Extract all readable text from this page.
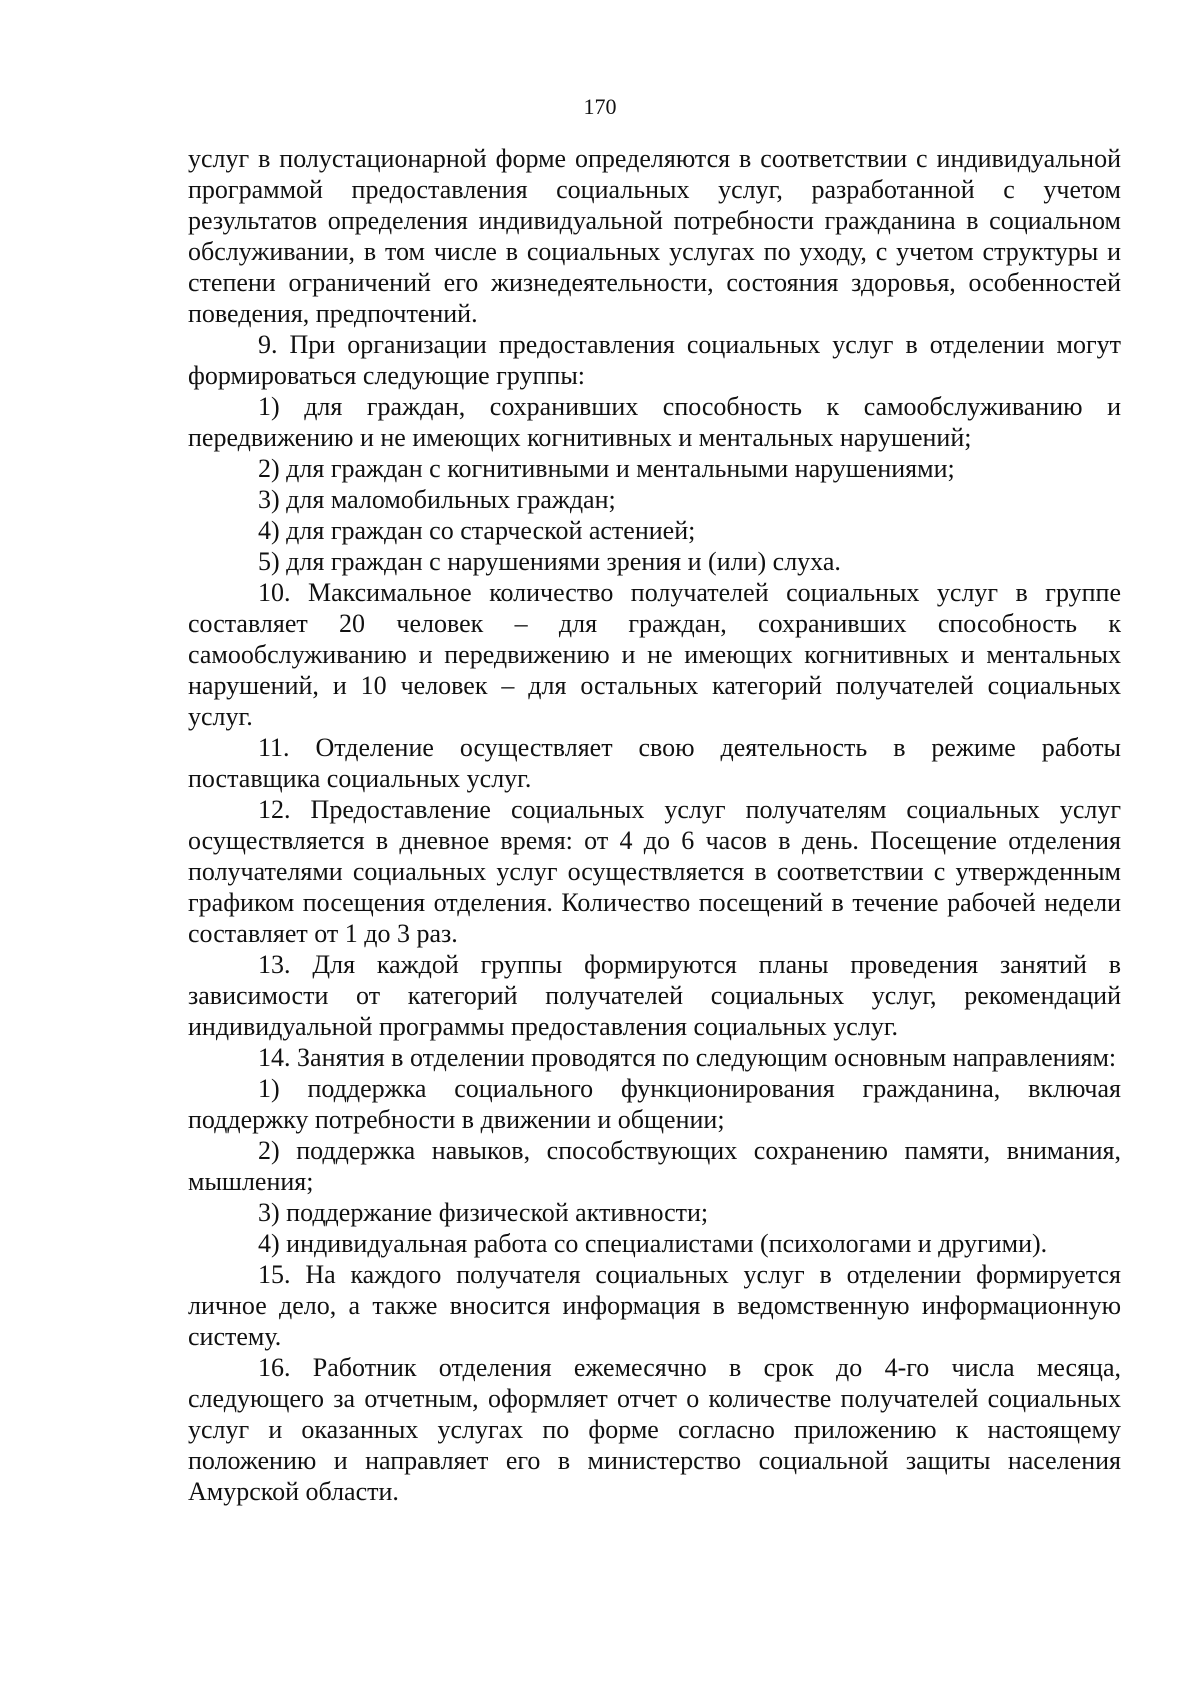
170

услуг в полустационарной форме определяются в соответствии с индивидуальной программой предоставления социальных услуг, разработанной с учетом результатов определения индивидуальной потребности гражданина в социальном обслуживании, в том числе в социальных услугах по уходу, с учетом структуры и степени ограничений его жизнедеятельности, состояния здоровья, особенностей поведения, предпочтений.

9. При организации предоставления социальных услуг в отделении могут формироваться следующие группы:

1) для граждан, сохранивших способность к самообслуживанию и передвижению и не имеющих когнитивных и ментальных нарушений;

2) для граждан с когнитивными и ментальными нарушениями;

3) для маломобильных граждан;

4) для граждан со старческой астенией;

5) для граждан с нарушениями зрения и (или) слуха.

10. Максимальное количество получателей социальных услуг в группе составляет 20 человек – для граждан, сохранивших способность к самообслуживанию и передвижению и не имеющих когнитивных и ментальных нарушений, и 10 человек – для остальных категорий получателей социальных услуг.

11. Отделение осуществляет свою деятельность в режиме работы поставщика социальных услуг.

12. Предоставление социальных услуг получателям социальных услуг осуществляется в дневное время: от 4 до 6 часов в день. Посещение отделения получателями социальных услуг осуществляется в соответствии с утвержденным графиком посещения отделения. Количество посещений в течение рабочей недели составляет от 1 до 3 раз.

13. Для каждой группы формируются планы проведения занятий в зависимости от категорий получателей социальных услуг, рекомендаций индивидуальной программы предоставления социальных услуг.

14. Занятия в отделении проводятся по следующим основным направлениям:

1) поддержка социального функционирования гражданина, включая поддержку потребности в движении и общении;

2) поддержка навыков, способствующих сохранению памяти, внимания, мышления;

3) поддержание физической активности;

4) индивидуальная работа со специалистами (психологами и другими).

15. На каждого получателя социальных услуг в отделении формируется личное дело, а также вносится информация в ведомственную информационную систему.

16. Работник отделения ежемесячно в срок до 4-го числа месяца, следующего за отчетным, оформляет отчет о количестве получателей социальных услуг и оказанных услугах по форме согласно приложению к настоящему положению и направляет его в министерство социальной защиты населения Амурской области.
